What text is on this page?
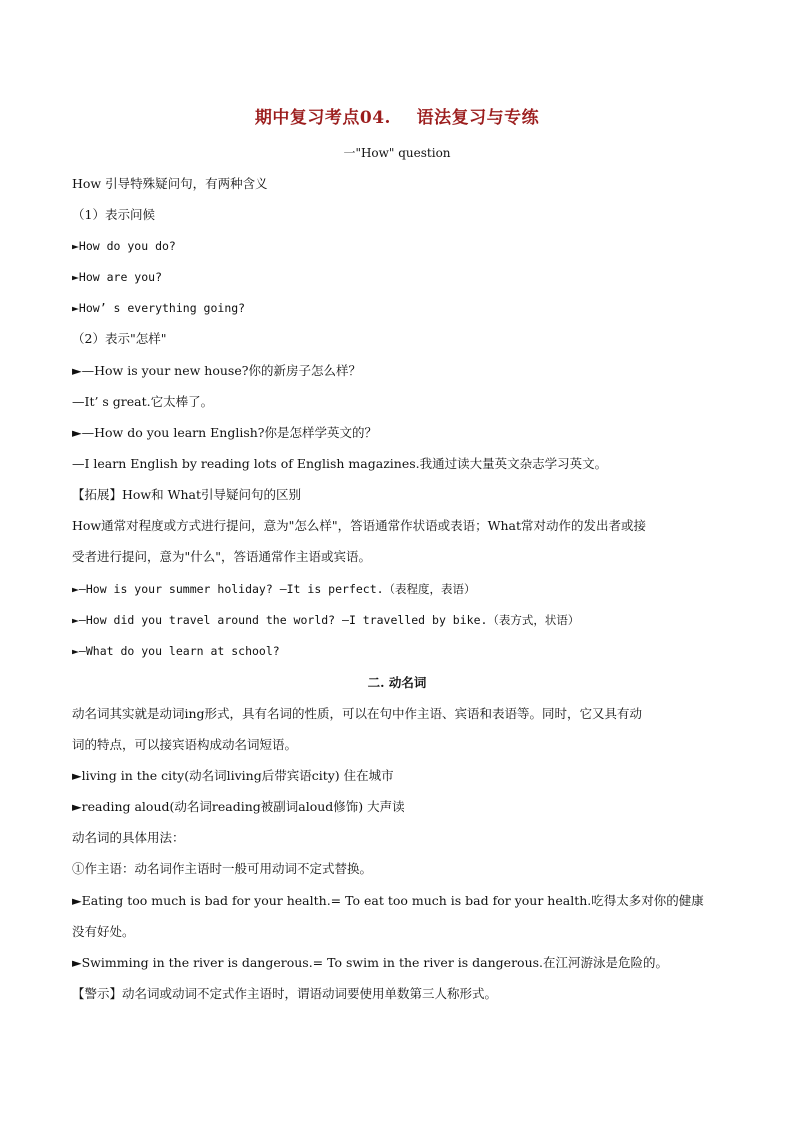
期中复习考点04.    语法复习与专练
一"How" question
How 引导特殊疑问句，有两种含义
（1）表示问候
►How do you do?
►How are you?
►How’ s everything going?
（2）表示"怎样"
►—How is your new house?你的新房子怎么样？
—It’ s great.它太棒了。
►—How do you learn English?你是怎样学英文的？
—I learn English by reading lots of English magazines.我通过读大量英文杂志学习英文。
【拓展】How和 What引导疑问句的区别
How通常对程度或方式进行提问，意为"怎么样"，答语通常作状语或表语；What常对动作的发出者或接
受者进行提问，意为"什么"，答语通常作主语或宾语。
►—How is your summer holiday? —It is perfect.（表程度，表语）
►—How did you travel around the world? —I travelled by bike.（表方式，状语）
►—What do you learn at school?
二. 动名词
动名词其实就是动词ing形式，具有名词的性质，可以在句中作主语、宾语和表语等。同时，它又具有动
词的特点，可以接宾语构成动名词短语。
►living in the city(动名词living后带宾语city) 住在城市
►reading aloud(动名词reading被副词aloud修饰) 大声读
动名词的具体用法：
①作主语：动名词作主语时一般可用动词不定式替换。
►Eating too much is bad for your health.= To eat too much is bad for your health.吃得太多对你的健康
没有好处。
►Swimming in the river is dangerous.= To swim in the river is dangerous.在江河游泳是危险的。
【警示】动名词或动词不定式作主语时，谓语动词要使用单数第三人称形式。
